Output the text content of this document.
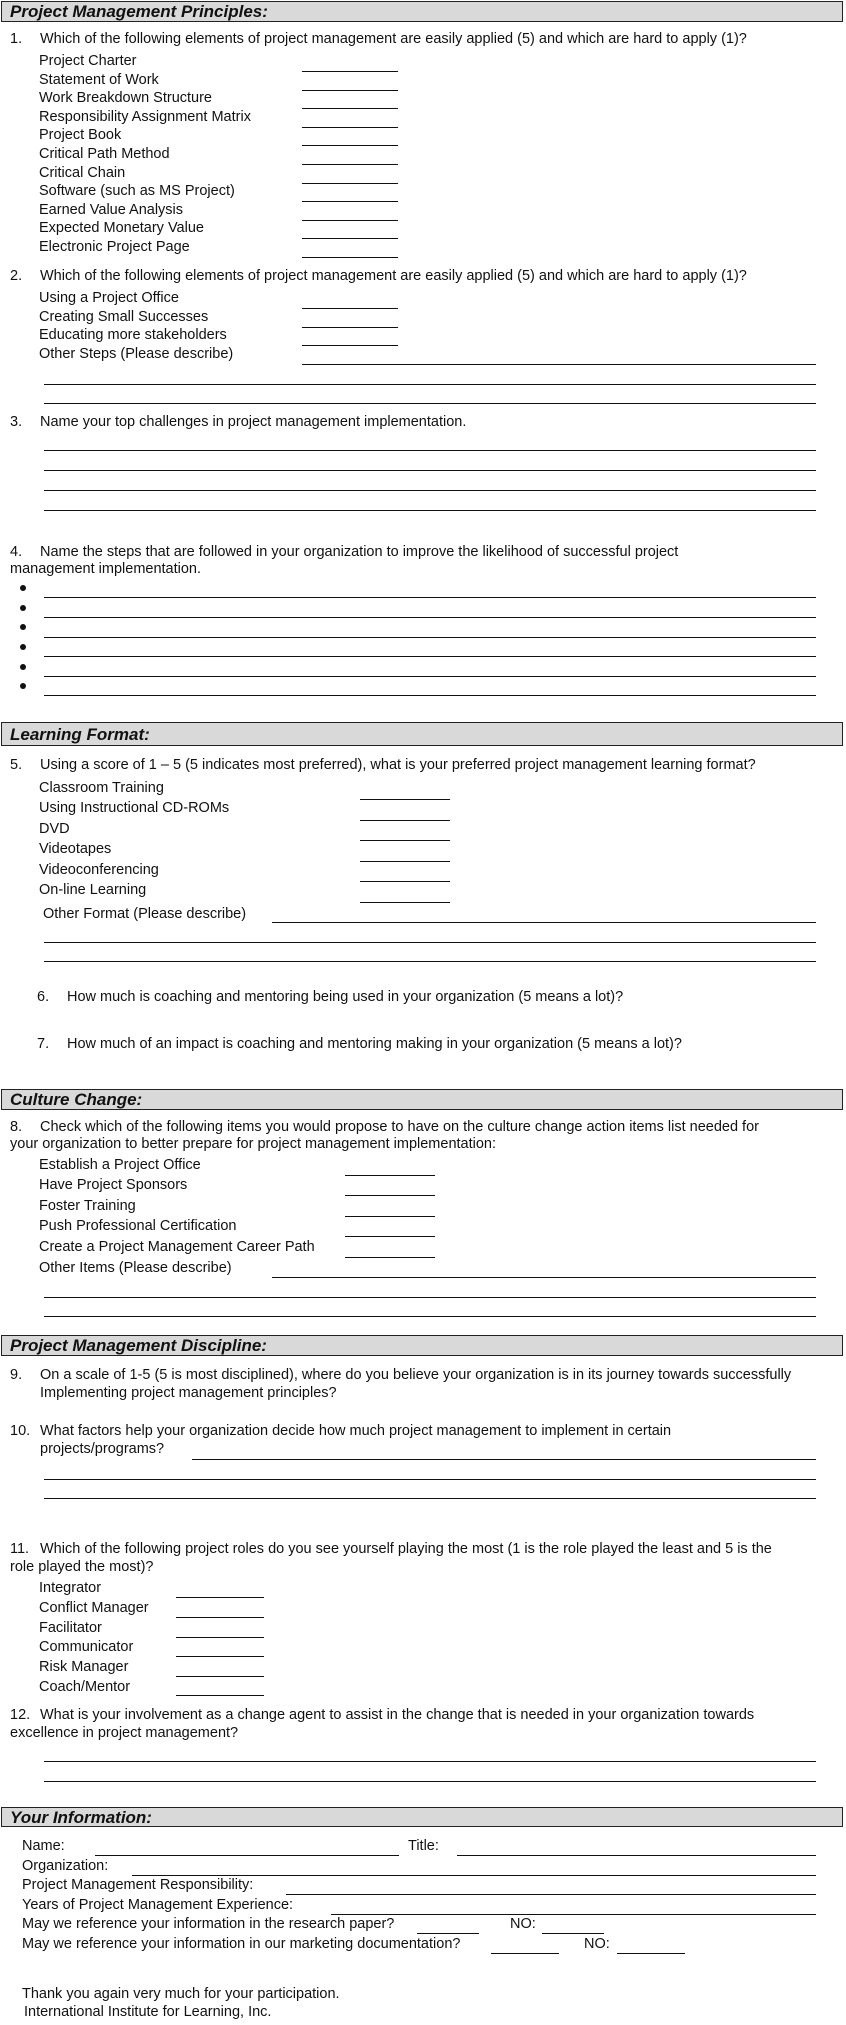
Project Management Principles:
1. Which of the following elements of project management are easily applied (5) and which are hard to apply (1)?
Project Charter
Statement of Work
Work Breakdown Structure
Responsibility Assignment Matrix
Project Book
Critical Path Method
Critical Chain
Software (such as MS Project)
Earned Value Analysis
Expected Monetary Value
Electronic Project Page
2. Which of the following elements of project management are easily applied (5) and which are hard to apply (1)?
Using a Project Office
Creating Small Successes
Educating more stakeholders
Other Steps (Please describe)
3. Name your top challenges in project management implementation.
4. Name the steps that are followed in your organization to improve the likelihood of successful project
management implementation.
Learning Format:
5. Using a score of 1 – 5 (5 indicates most preferred), what is your preferred project management learning format?
Classroom Training
Using Instructional CD-ROMs
DVD
Videotapes
Videoconferencing
On-line Learning
Other Format (Please describe)
6. How much is coaching and mentoring being used in your organization (5 means a lot)?
7. How much of an impact is coaching and mentoring making in your organization (5 means a lot)?
Culture Change:
8. Check which of the following items you would propose to have on the culture change action items list needed for
your organization to better prepare for project management implementation:
Establish a Project Office
Have Project Sponsors
Foster Training
Push Professional Certification
Create a Project Management Career Path
Other Items (Please describe)
Project Management Discipline:
9. On a scale of 1-5 (5 is most disciplined), where do you believe your organization is in its journey towards successfully
Implementing project management principles?
10. What factors help your organization decide how much project management to implement in certain
projects/programs?
11. Which of the following project roles do you see yourself playing the most (1 is the role played the least and 5 is the
role played the most)?
Integrator
Conflict Manager
Facilitator
Communicator
Risk Manager
Coach/Mentor
12. What is your involvement as a change agent to assist in the change that is needed in your organization towards
excellence in project management?
Your Information:
Name:	Title:
Organization:
Project Management Responsibility:
Years of Project Management Experience:
May we reference your information in the research paper?	NO:
May we reference your information in our marketing documentation?	NO:
Thank you again very much for your participation.
International Institute for Learning, Inc.
